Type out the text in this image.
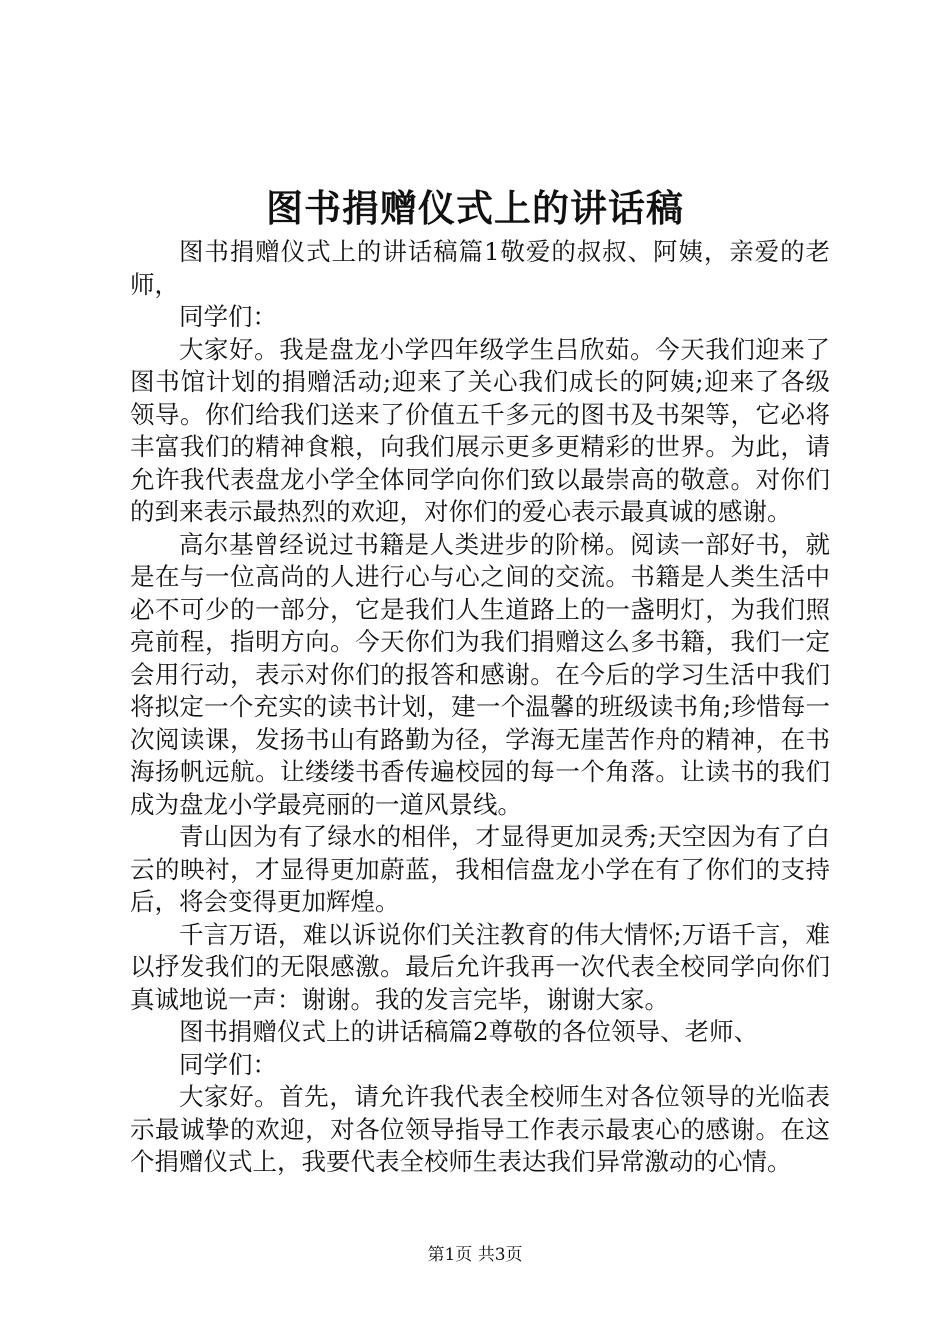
图书捐赠仪式上的讲话稿

图书捐赠仪式上的讲话稿篇1敬爱的叔叔、阿姨，亲爱的老师，

同学们：

大家好。我是盘龙小学四年级学生吕欣茹。今天我们迎来了图书馆计划的捐赠活动;迎来了关心我们成长的阿姨;迎来了各级领导。你们给我们送来了价值五千多元的图书及书架等，它必将丰富我们的精神食粮，向我们展示更多更精彩的世界。为此，请允许我代表盘龙小学全体同学向你们致以最崇高的敬意。对你们的到来表示最热烈的欢迎，对你们的爱心表示最真诚的感谢。

高尔基曾经说过书籍是人类进步的阶梯。阅读一部好书，就是在与一位高尚的人进行心与心之间的交流。书籍是人类生活中必不可少的一部分，它是我们人生道路上的一盏明灯，为我们照亮前程，指明方向。今天你们为我们捐赠这么多书籍，我们一定会用行动，表示对你们的报答和感谢。在今后的学习生活中我们将拟定一个充实的读书计划，建一个温馨的班级读书角;珍惜每一次阅读课，发扬书山有路勤为径，学海无崖苦作舟的精神，在书海扬帆远航。让缕缕书香传遍校园的每一个角落。让读书的我们成为盘龙小学最亮丽的一道风景线。

青山因为有了绿水的相伴，才显得更加灵秀;天空因为有了白云的映衬，才显得更加蔚蓝，我相信盘龙小学在有了你们的支持后，将会变得更加辉煌。

千言万语，难以诉说你们关注教育的伟大情怀;万语千言，难以抒发我们的无限感激。最后允许我再一次代表全校同学向你们真诚地说一声：谢谢。我的发言完毕，谢谢大家。

图书捐赠仪式上的讲话稿篇2尊敬的各位领导、老师、

同学们：

大家好。首先，请允许我代表全校师生对各位领导的光临表示最诚挚的欢迎，对各位领导指导工作表示最衷心的感谢。在这个捐赠仪式上，我要代表全校师生表达我们异常激动的心情。

第1页 共3页
